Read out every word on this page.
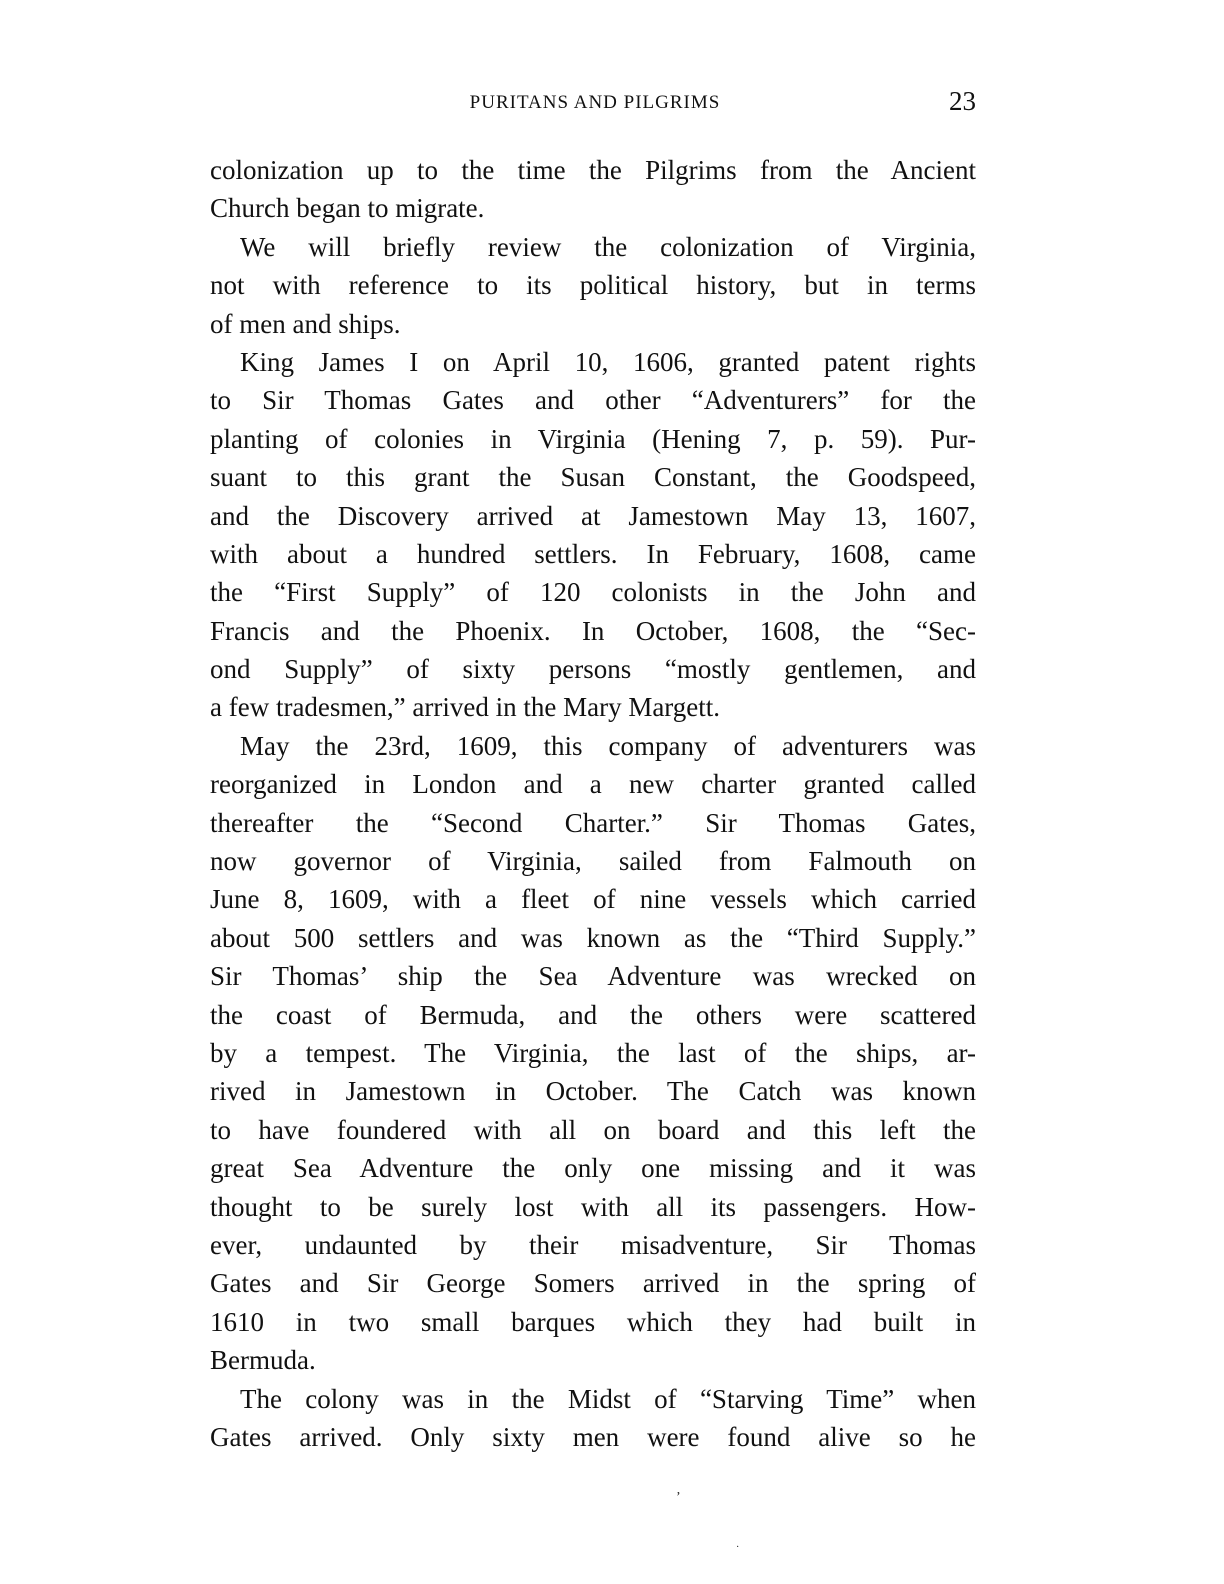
PURITANS AND PILGRIMS	23
colonization up to the time the Pilgrims from the Ancient
Church began to migrate.
We will briefly review the colonization of Virginia,
not with reference to its political history, but in terms
of men and ships.
King James I on April 10, 1606, granted patent rights
to Sir Thomas Gates and other “Adventurers” for the
planting of colonies in Virginia (Hening 7, p. 59). Pur-
suant to this grant the Susan Constant, the Goodspeed,
and the Discovery arrived at Jamestown May 13, 1607,
with about a hundred settlers. In February, 1608, came
the “First Supply” of 120 colonists in the John and
Francis and the Phoenix. In October, 1608, the “Sec-
ond Supply” of sixty persons “mostly gentlemen, and
a few tradesmen,” arrived in the Mary Margett.
May the 23rd, 1609, this company of adventurers was
reorganized in London and a new charter granted called
thereafter the “Second Charter.” Sir Thomas Gates,
now governor of Virginia, sailed from Falmouth on
June 8, 1609, with a fleet of nine vessels which carried
about 500 settlers and was known as the “Third Supply.”
Sir Thomas’ ship the Sea Adventure was wrecked on
the coast of Bermuda, and the others were scattered
by a tempest. The Virginia, the last of the ships, ar-
rived in Jamestown in October. The Catch was known
to have foundered with all on board and this left the
great Sea Adventure the only one missing and it was
thought to be surely lost with all its passengers. How-
ever, undaunted by their misadventure, Sir Thomas
Gates and Sir George Somers arrived in the spring of
1610 in two small barques which they had built in
Bermuda.
The colony was in the Midst of “Starving Time” when
Gates arrived. Only sixty men were found alive so he
’
·
